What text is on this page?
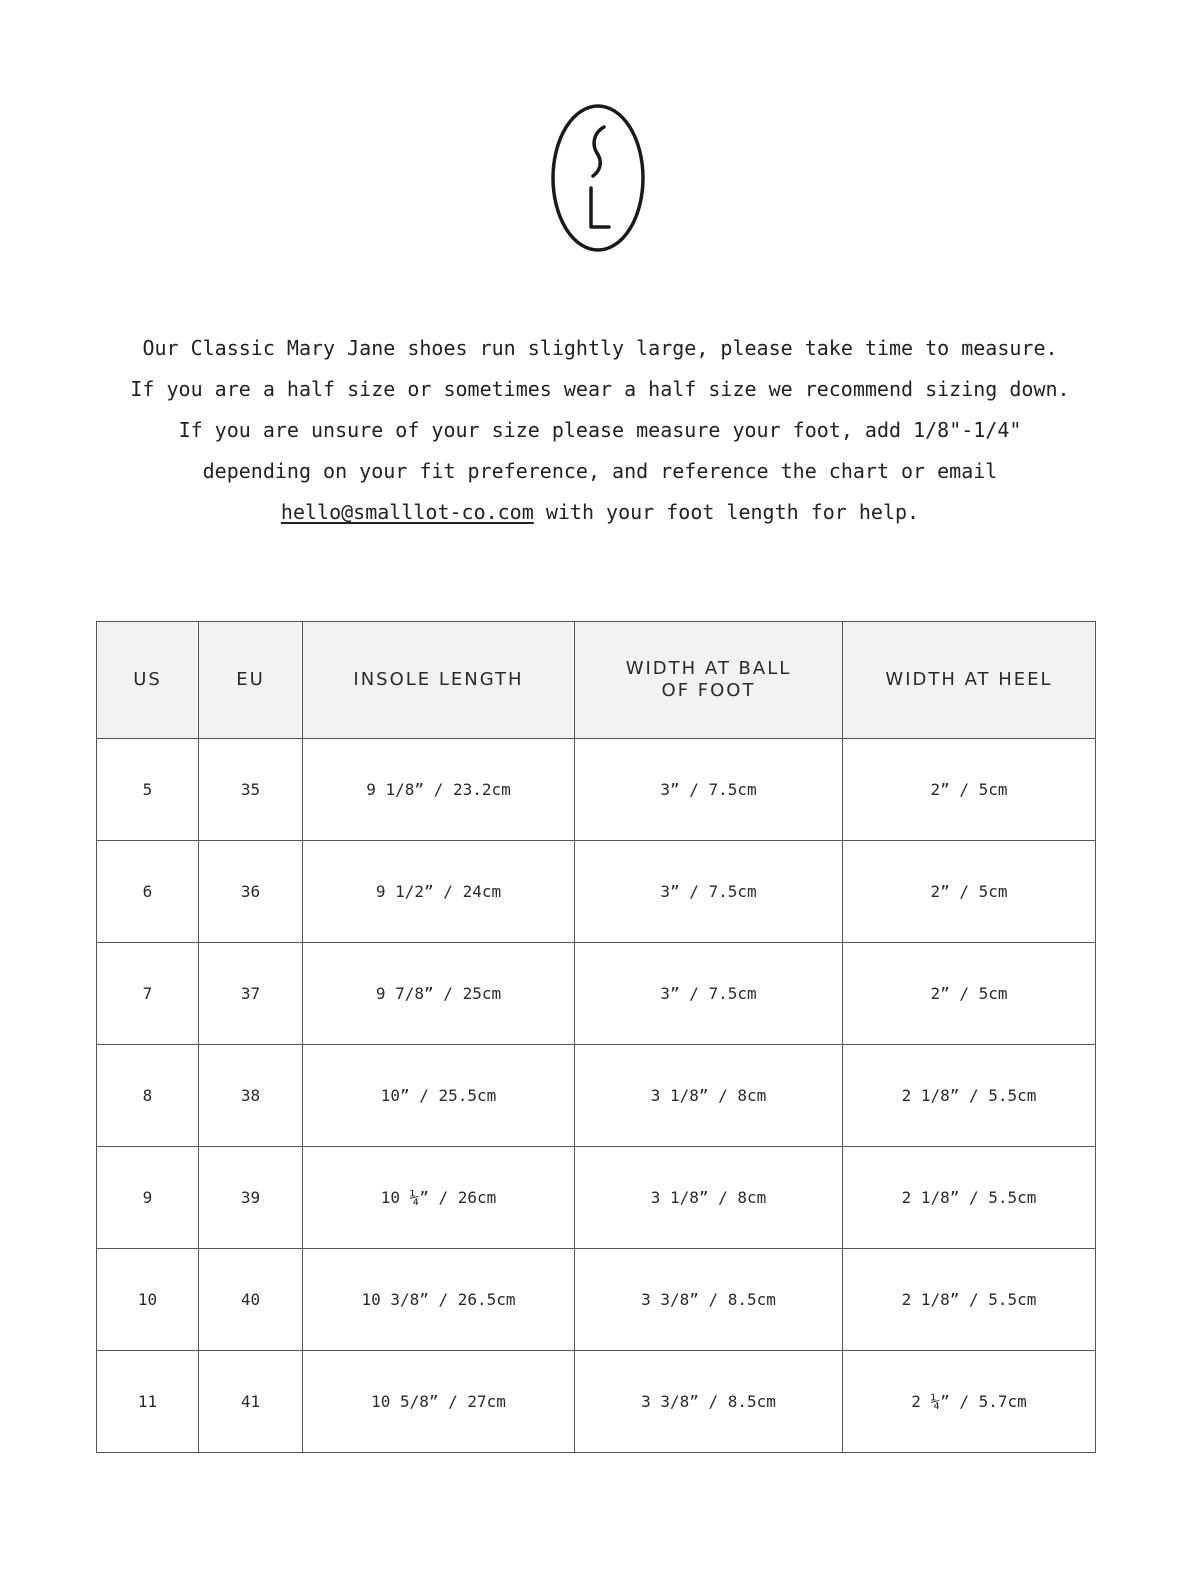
Our Classic Mary Jane shoes run slightly large, please take time to measure.
If you are a half size or sometimes wear a half size we recommend sizing down.
If you are unsure of your size please measure your foot, add 1/8"-1/4"
depending on your fit preference, and reference the chart or email
hello@smalllot-co.com with your foot length for help.
US	EU	INSOLE LENGTH	WIDTH AT BALL OF FOOT	WIDTH AT HEEL
5	35	9 1/8” / 23.2cm	3” / 7.5cm	2” / 5cm
6	36	9 1/2” / 24cm	3” / 7.5cm	2” / 5cm
7	37	9 7/8” / 25cm	3” / 7.5cm	2” / 5cm
8	38	10” / 25.5cm	3 1/8” / 8cm	2 1/8” / 5.5cm
9	39	10 ¼” / 26cm	3 1/8” / 8cm	2 1/8” / 5.5cm
10	40	10 3/8” / 26.5cm	3 3/8” / 8.5cm	2 1/8” / 5.5cm
11	41	10 5/8” / 27cm	3 3/8” / 8.5cm	2 ¼” / 5.7cm
